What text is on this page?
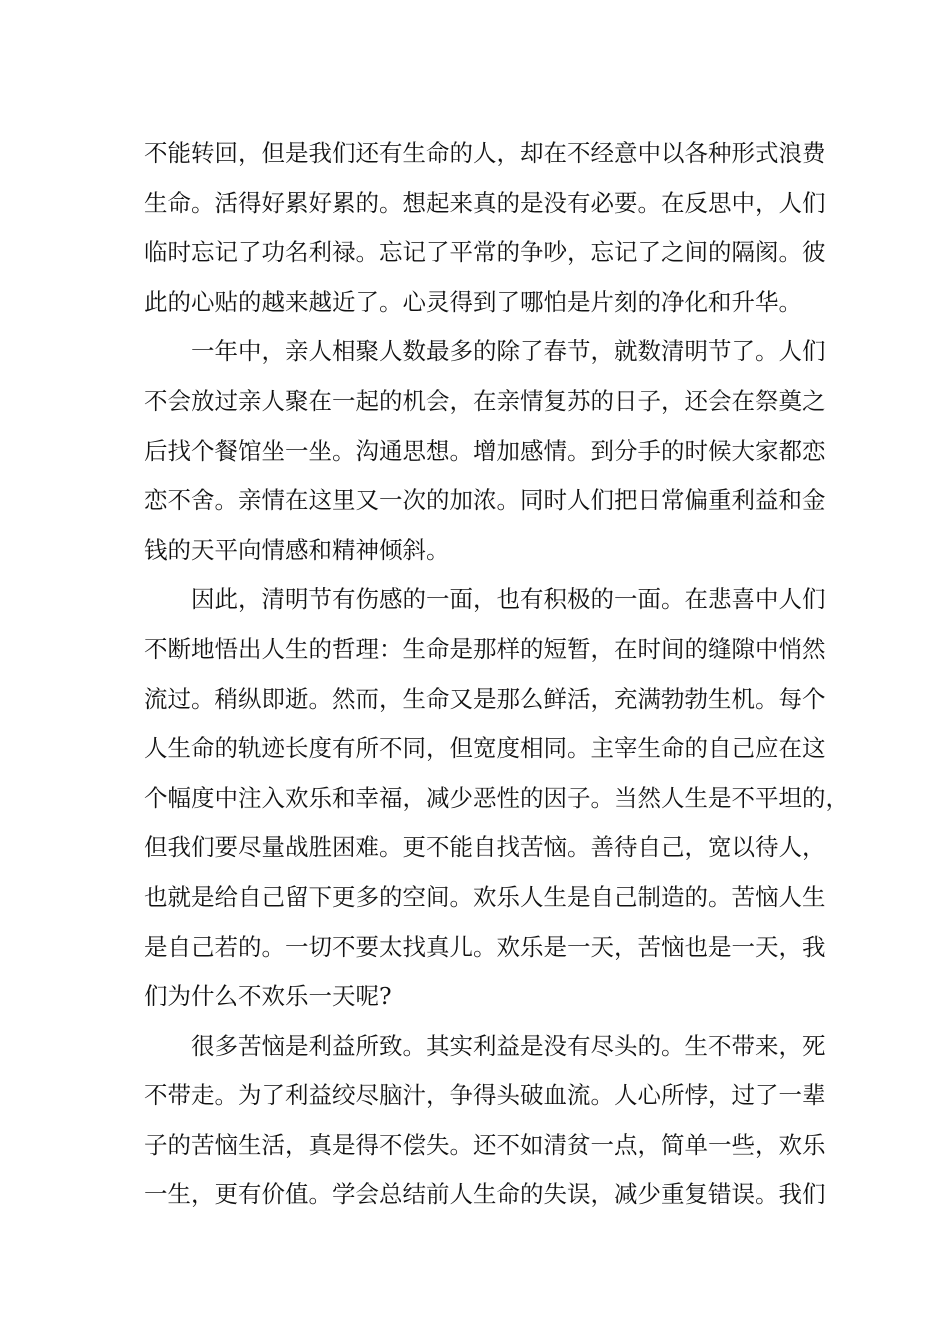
不能转回，但是我们还有生命的人，却在不经意中以各种形式浪费
生命。活得好累好累的。想起来真的是没有必要。在反思中，人们
临时忘记了功名利禄。忘记了平常的争吵，忘记了之间的隔阂。彼
此的心贴的越来越近了。心灵得到了哪怕是片刻的净化和升华。
一年中，亲人相聚人数最多的除了春节，就数清明节了。人们
不会放过亲人聚在一起的机会，在亲情复苏的日子，还会在祭奠之
后找个餐馆坐一坐。沟通思想。增加感情。到分手的时候大家都恋
恋不舍。亲情在这里又一次的加浓。同时人们把日常偏重利益和金
钱的天平向情感和精神倾斜。
因此，清明节有伤感的一面，也有积极的一面。在悲喜中人们
不断地悟出人生的哲理：生命是那样的短暂，在时间的缝隙中悄然
流过。稍纵即逝。然而，生命又是那么鲜活，充满勃勃生机。每个
人生命的轨迹长度有所不同，但宽度相同。主宰生命的自己应在这
个幅度中注入欢乐和幸福，减少恶性的因子。当然人生是不平坦的，
但我们要尽量战胜困难。更不能自找苦恼。善待自己，宽以待人，
也就是给自己留下更多的空间。欢乐人生是自己制造的。苦恼人生
是自己若的。一切不要太找真儿。欢乐是一天，苦恼也是一天，我
们为什么不欢乐一天呢?
很多苦恼是利益所致。其实利益是没有尽头的。生不带来，死
不带走。为了利益绞尽脑汁，争得头破血流。人心所悖，过了一辈
子的苦恼生活，真是得不偿失。还不如清贫一点，简单一些，欢乐
一生，更有价值。学会总结前人生命的失误，减少重复错误。我们
